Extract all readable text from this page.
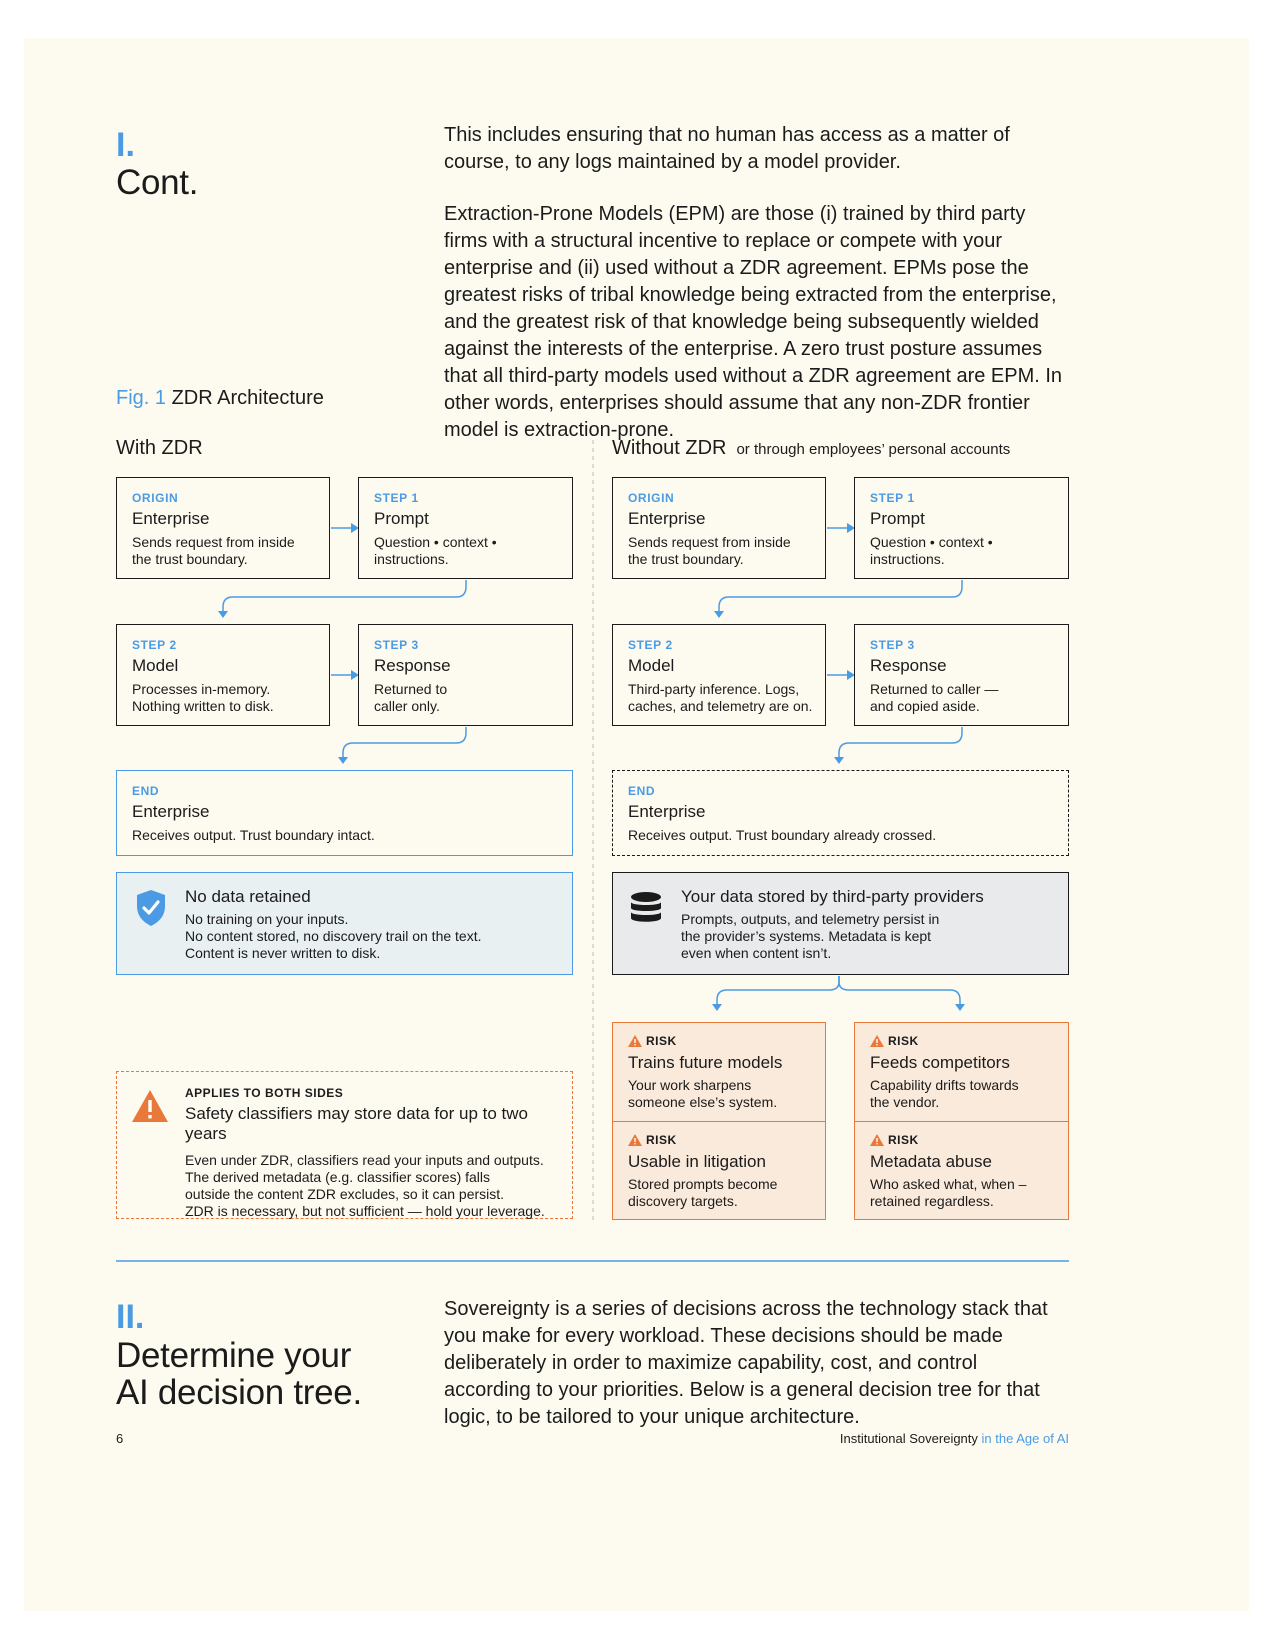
I.
Cont.

This includes ensuring that no human has access as a matter of course, to any logs maintained by a model provider.

Extraction-Prone Models (EPM) are those (i) trained by third party firms with a structural incentive to replace or compete with your enterprise and (ii) used without a ZDR agreement. EPMs pose the greatest risks of tribal knowledge being extracted from the enterprise, and the greatest risk of that knowledge being subsequently wielded against the interests of the enterprise. A zero trust posture assumes that all third-party models used without a ZDR agreement are EPM. In other words, enterprises should assume that any non-ZDR frontier model is extraction-prone.

Fig. 1 ZDR Architecture
With ZDR	Without ZDR or through employees’ personal accounts
ORIGIN
Enterprise
Sends request from inside the trust boundary.
STEP 1
Prompt
Question • context • instructions.
STEP 2
Model
Processes in-memory. Nothing written to disk.
STEP 3
Response
Returned to caller only.
END
Enterprise
Receives output. Trust boundary intact.
No data retained
No training on your inputs.
No content stored, no discovery trail on the text.
Content is never written to disk.
APPLIES TO BOTH SIDES
Safety classifiers may store data for up to two years
Even under ZDR, classifiers read your inputs and outputs.
The derived metadata (e.g. classifier scores) falls
outside the content ZDR excludes, so it can persist.
ZDR is necessary, but not sufficient — hold your leverage.
ORIGIN
Enterprise
Sends request from inside the trust boundary.
STEP 1
Prompt
Question • context • instructions.
STEP 2
Model
Third-party inference. Logs, caches, and telemetry are on.
STEP 3
Response
Returned to caller — and copied aside.
END
Enterprise
Receives output. Trust boundary already crossed.
Your data stored by third-party providers
Prompts, outputs, and telemetry persist in
the provider’s systems. Metadata is kept
even when content isn’t.
RISK
Trains future models
Your work sharpens someone else’s system.
RISK
Usable in litigation
Stored prompts become discovery targets.
RISK
Feeds competitors
Capability drifts towards the vendor.
RISK
Metadata abuse
Who asked what, when – retained regardless.
II.
Determine your
AI decision tree.

Sovereignty is a series of decisions across the technology stack that you make for every workload. These decisions should be made deliberately in order to maximize capability, cost, and control according to your priorities. Below is a general decision tree for that logic, to be tailored to your unique architecture.

6	Institutional Sovereignty in the Age of AI
